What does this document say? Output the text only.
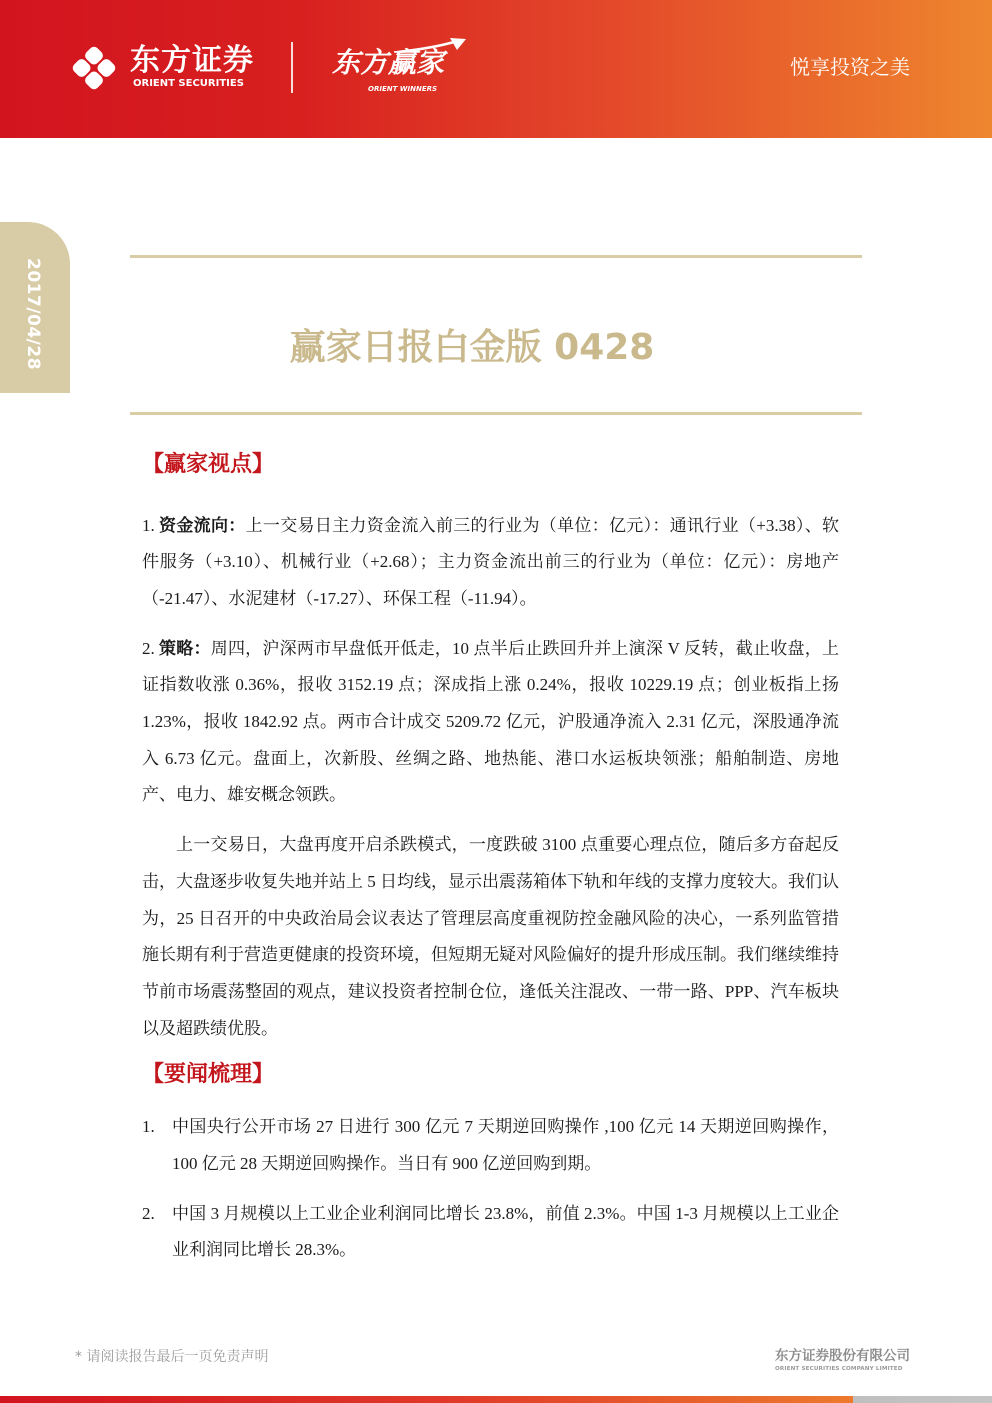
东方证券
ORIENT SECURITIES
东方赢家
ORIENT WINNERS
悦享投资之美
2017/04/28	赢家日报白金版 0428
【赢家视点】

1. 资金流向：上一交易日主力资金流入前三的行业为（单位：亿元）：通讯行业（+3.38）、软件服务（+3.10）、机械行业（+2.68）；主力资金流出前三的行业为（单位：亿元）：房地产（-21.47）、水泥建材（-17.27）、环保工程（-11.94）。

2. 策略：周四，沪深两市早盘低开低走，10 点半后止跌回升并上演深 V 反转，截止收盘，上证指数收涨 0.36%，报收 3152.19 点；深成指上涨 0.24%，报收 10229.19 点；创业板指上扬 1.23%，报收 1842.92 点。两市合计成交 5209.72 亿元，沪股通净流入 2.31 亿元，深股通净流入 6.73 亿元。盘面上，次新股、丝绸之路、地热能、港口水运板块领涨；船舶制造、房地产、电力、雄安概念领跌。

上一交易日，大盘再度开启杀跌模式，一度跌破 3100 点重要心理点位，随后多方奋起反击，大盘逐步收复失地并站上 5 日均线，显示出震荡箱体下轨和年线的支撑力度较大。我们认为，25 日召开的中央政治局会议表达了管理层高度重视防控金融风险的决心，一系列监管措施长期有利于营造更健康的投资环境，但短期无疑对风险偏好的提升形成压制。我们继续维持节前市场震荡整固的观点，建议投资者控制仓位，逢低关注混改、一带一路、PPP、汽车板块以及超跌绩优股。

【要闻梳理】
1. 中国央行公开市场 27 日进行 300 亿元 7 天期逆回购操作 ,100 亿元 14 天期逆回购操作，100 亿元 28 天期逆回购操作。当日有 900 亿逆回购到期。
2. 中国 3 月规模以上工业企业利润同比增长 23.8%，前值 2.3%。中国 1-3 月规模以上工业企业利润同比增长 28.3%。
* 请阅读报告最后一页免责声明	东方证券股份有限公司
ORIENT SECURITIES COMPANY LIMITED
